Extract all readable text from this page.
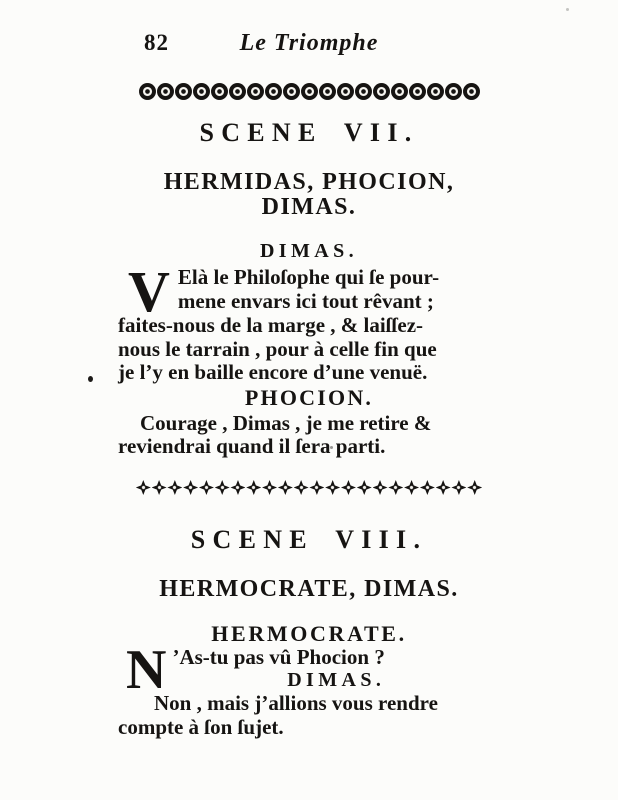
82	Le Triomphe
SCENE VII.
HERMIDAS, PHOCION,
DIMAS.
DIMAS.
V Elà le Philoſophe qui ſe pour-
mene envars ici tout rêvant ;
faites-nous de la marge , & laiſſez-
nous le tarrain , pour à celle fin que
je l’y en baille encore d’une venuë.
PHOCION.
Courage , Dimas , je me retire &
reviendrai quand il ſera parti.
SCENE VIII.
HERMOCRATE, DIMAS.
HERMOCRATE.
N ’As-tu pas vû Phocion ?
DIMAS.
Non , mais j’allions vous rendre
compte à ſon ſujet.
